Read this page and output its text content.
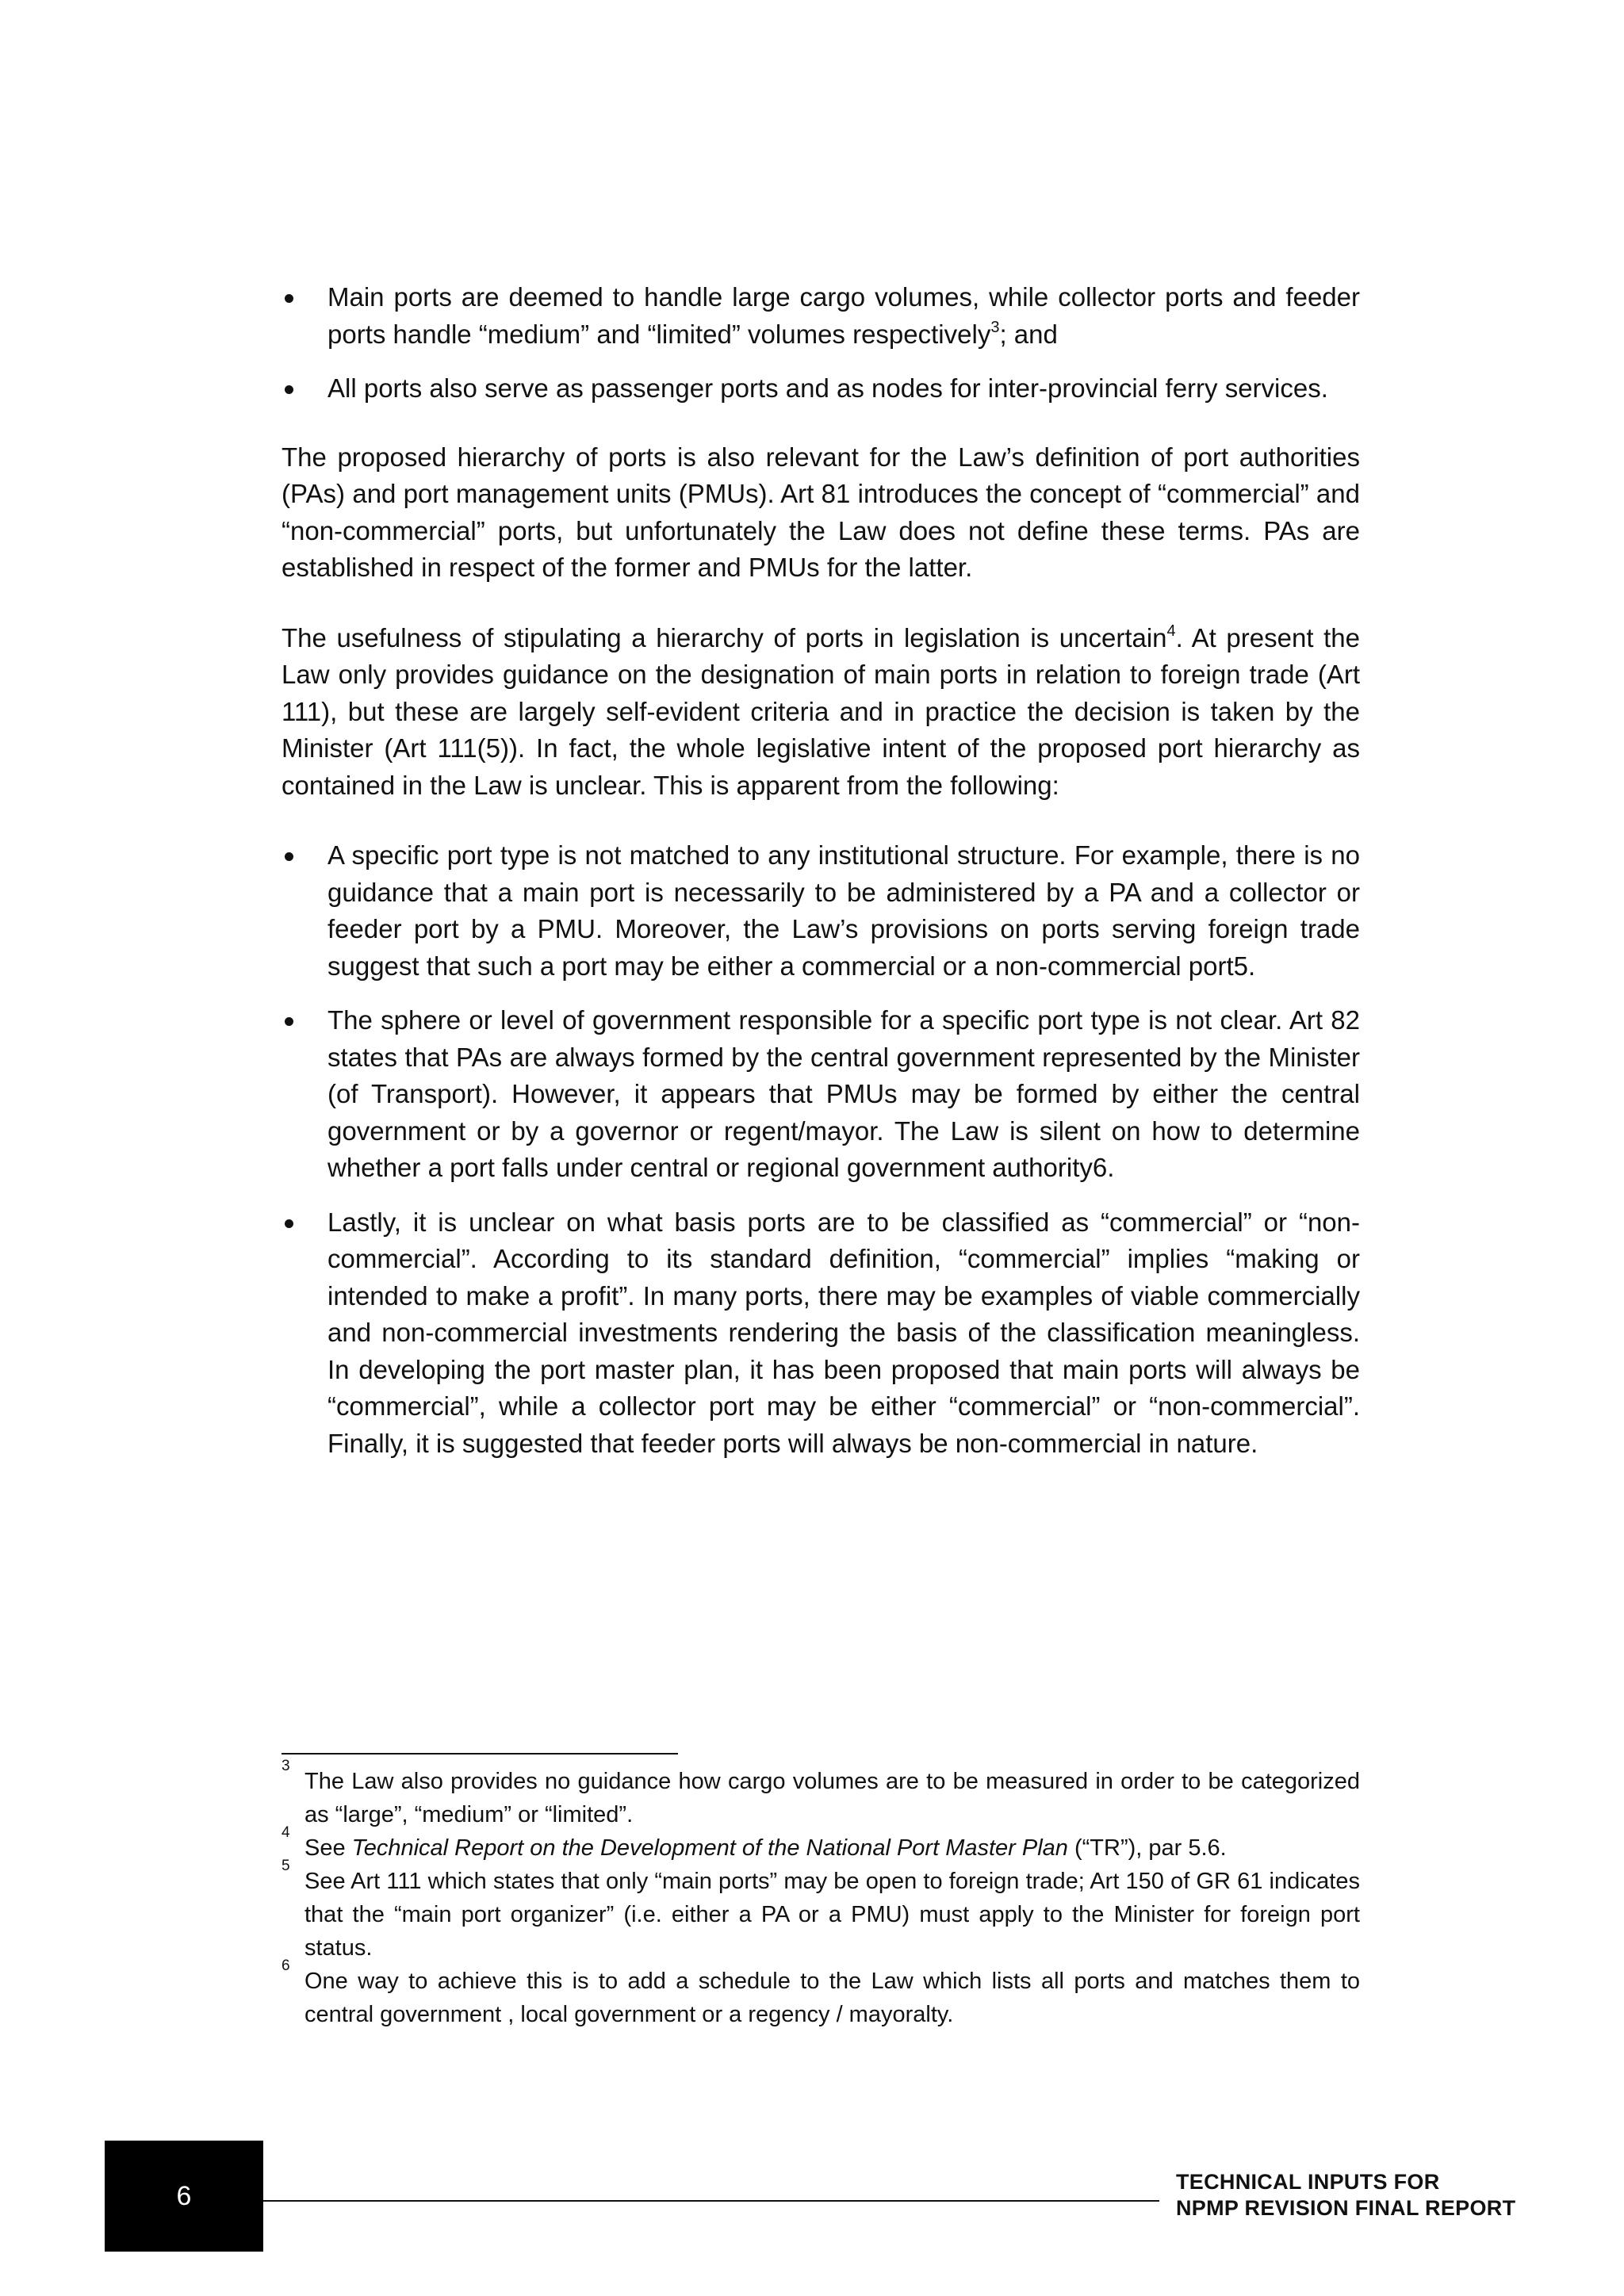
Main ports are deemed to handle large cargo volumes, while collector ports and feeder ports handle “medium” and “limited” volumes respectively$^3$; and
All ports also serve as passenger ports and as nodes for inter-provincial ferry services.

The proposed hierarchy of ports is also relevant for the Law’s definition of port authorities (PAs) and port management units (PMUs). Art 81 introduces the concept of “commercial” and “non-commercial” ports, but unfortunately the Law does not define these terms. PAs are established in respect of the former and PMUs for the latter.

The usefulness of stipulating a hierarchy of ports in legislation is uncertain$^4$. At present the Law only provides guidance on the designation of main ports in relation to foreign trade (Art 111), but these are largely self-evident criteria and in practice the decision is taken by the Minister (Art 111(5)). In fact, the whole legislative intent of the proposed port hierarchy as contained in the Law is unclear. This is apparent from the following:

A specific port type is not matched to any institutional structure. For example, there is no guidance that a main port is necessarily to be administered by a PA and a collector or feeder port by a PMU. Moreover, the Law’s provisions on ports serving foreign trade suggest that such a port may be either a commercial or a non-commercial port5.
The sphere or level of government responsible for a specific port type is not clear. Art 82 states that PAs are always formed by the central government represented by the Minister (of Transport). However, it appears that PMUs may be formed by either the central government or by a governor or regent/mayor. The Law is silent on how to determine whether a port falls under central or regional government authority6.
Lastly, it is unclear on what basis ports are to be classified as “commercial” or “non-commercial”. According to its standard definition, “commercial” implies “making or intended to make a profit”. In many ports, there may be examples of viable commercially and non-commercial investments rendering the basis of the classification meaningless. In developing the port master plan, it has been proposed that main ports will always be “commercial”, while a collector port may be either “commercial” or “non-commercial”. Finally, it is suggested that feeder ports will always be non-commercial in nature.

3
The Law also provides no guidance how cargo volumes are to be measured in order to be categorized as “large”, “medium” or “limited”.

4
See Technical Report on the Development of the National Port Master Plan (“TR”), par 5.6.

5
See Art 111 which states that only “main ports” may be open to foreign trade; Art 150 of GR 61 indicates that the “main port organizer” (i.e. either a PA or a PMU) must apply to the Minister for foreign port status.

6
One way to achieve this is to add a schedule to the Law which lists all ports and matches them to central government , local government or a regency / mayoralty.

6	TECHNICAL INPUTS FOR
NPMP REVISION FINAL REPORT
